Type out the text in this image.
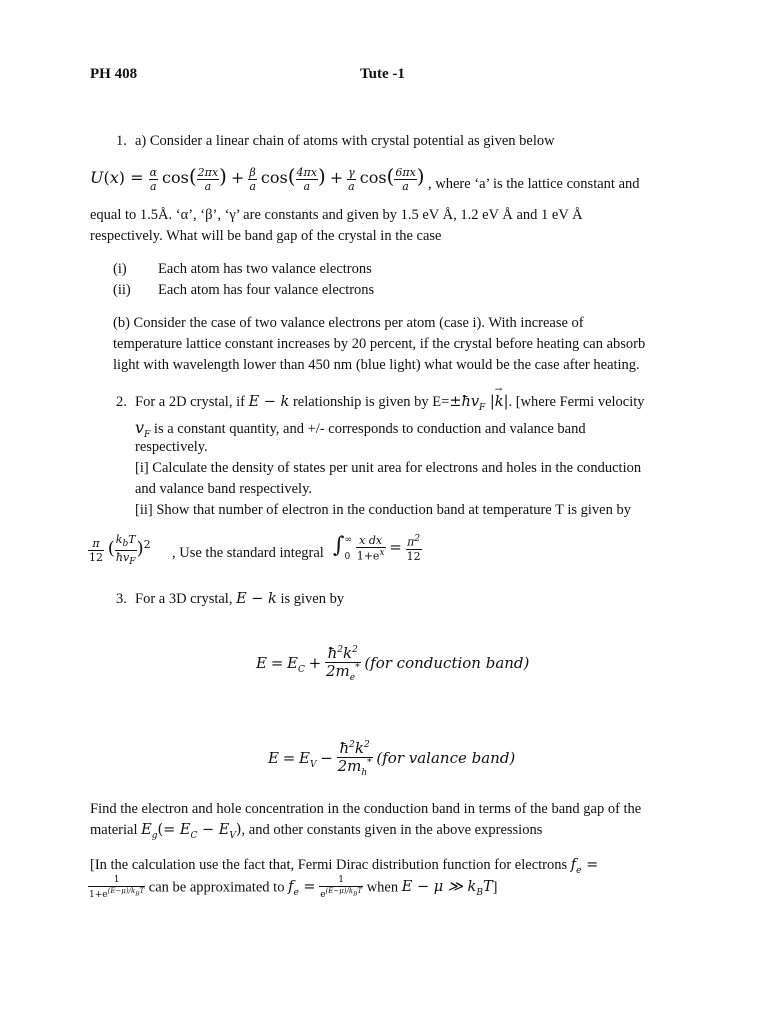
PH 408	Tute -1
1. a) Consider a linear chain of atoms with crystal potential as given below
$U(x) = \frac{\alpha}{a} \cos( \frac{2\pi x}{a}$ ) + $\frac{\beta}{a} \cos( \frac{4\pi x}{a}$ ) + $\frac{\gamma}{a} \cos( \frac{6\pi x}{a}$ ) , where ‘a’ is the lattice constant and
equal to 1.5Å. ‘α’, ‘β’, ‘γ’ are constants and given by 1.5 eV Å, 1.2 eV Å and 1 eV Å
respectively. What will be band gap of the crystal in the case
(i) Each atom has two valance electrons
(ii) Each atom has four valance electrons
(b) Consider the case of two valance electrons per atom (case i). With increase of
temperature lattice constant increases by 20 percent, if the crystal before heating can absorb
light with wavelength lower than 450 nm (blue light) what would be the case after heating.
2. For a 2D crystal, if E − k relationship is given by $E=\pm ħv_F$ |k
→
|. [where Fermi velocity
$v_F$ is a constant quantity, and +/- corresponds to conduction and valance band
respectively.
[i] Calculate the density of states per unit area for electrons and holes in the conduction
and valance band respectively.
[ii] Show that number of electron in the conduction band at temperature T is given by
$\frac{\pi}{12}$ ( $\frac{k_bT}{ħv_F} )^2$
, Use the standard integral ∫ ∞
0
$\frac{\text{x dx}}{1+e^x} = \frac{\pi^2}{12}$
3. For a 3D crystal, E − k is given by
$E = E_C + \frac{ħ^2k^2}{2m_e^*} (for$ conduction band)
$E = E_V - \frac{ħ^2k^2}{2m_h^*} (for$ valance band)
Find the electron and hole concentration in the conduction band in terms of the band gap of the
material $E_g(= E_C - E_V)$, and other constants given in the above expressions
[In the calculation use the fact that, Fermi Dirac distribution function for electrons $f_e$ =
$\frac{1}{1+e^{(E-\mu)/k_BT}}$ can be approximated to $f_e = \frac{1}{e^{(E-\mu)/k_BT}}$ when E − μ ≫ $k_BT$]
